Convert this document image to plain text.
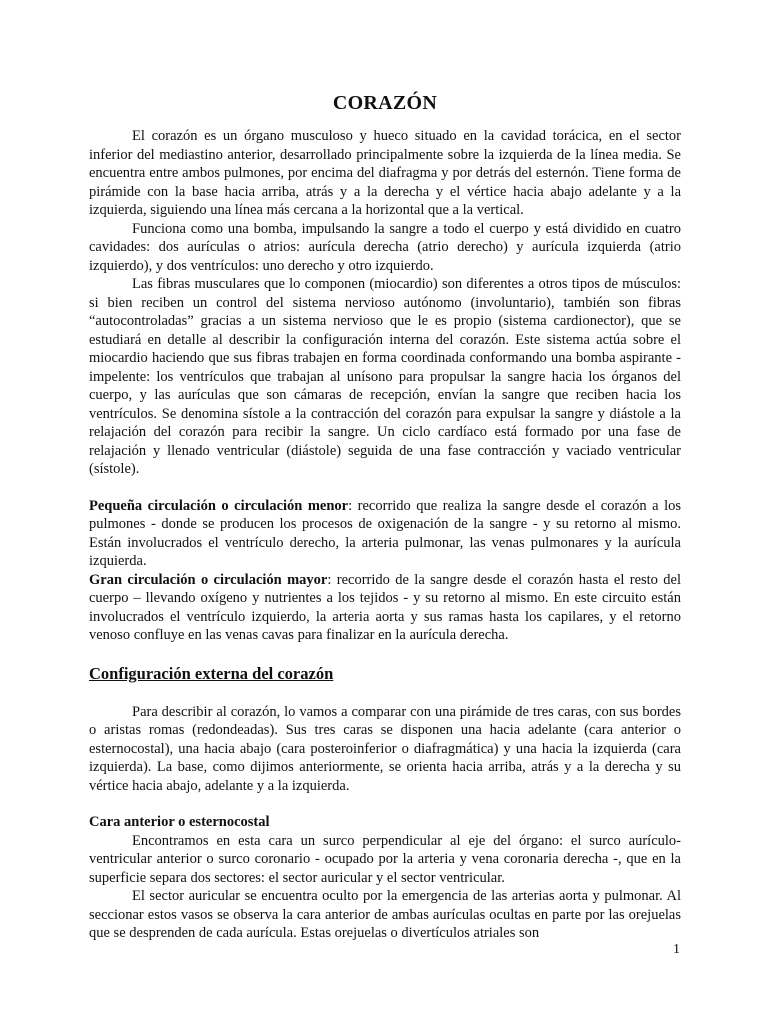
CORAZÓN

El corazón es un órgano musculoso y hueco situado en la cavidad torácica, en el sector inferior del mediastino anterior, desarrollado principalmente sobre la izquierda de la línea media. Se encuentra entre ambos pulmones, por encima del diafragma y por detrás del esternón. Tiene forma de pirámide con la base hacia arriba, atrás y a la derecha y el vértice hacia abajo adelante y a la izquierda, siguiendo una línea más cercana a la horizontal que a la vertical.

Funciona como una bomba, impulsando la sangre a todo el cuerpo y está dividido en cuatro cavidades: dos aurículas o atrios: aurícula derecha (atrio derecho) y aurícula izquierda (atrio izquierdo), y dos ventrículos: uno derecho y otro izquierdo.

Las fibras musculares que lo componen (miocardio) son diferentes a otros tipos de músculos: si bien reciben un control del sistema nervioso autónomo (involuntario), también son fibras “autocontroladas” gracias a un sistema nervioso que le es propio (sistema cardionector), que se estudiará en detalle al describir la configuración interna del corazón. Este sistema actúa sobre el miocardio haciendo que sus fibras trabajen en forma coordinada conformando una bomba aspirante - impelente: los ventrículos que trabajan al unísono para propulsar la sangre hacia los órganos del cuerpo, y las aurículas que son cámaras de recepción, envían la sangre que reciben hacia los ventrículos. Se denomina sístole a la contracción del corazón para expulsar la sangre y diástole a la relajación del corazón para recibir la sangre. Un ciclo cardíaco está formado por una fase de relajación y llenado ventricular (diástole) seguida de una fase contracción y vaciado ventricular (sístole).

Pequeña circulación o circulación menor: recorrido que realiza la sangre desde el corazón a los pulmones - donde se producen los procesos de oxigenación de la sangre - y su retorno al mismo. Están involucrados el ventrículo derecho, la arteria pulmonar, las venas pulmonares y la aurícula izquierda.

Gran circulación o circulación mayor: recorrido de la sangre desde el corazón hasta el resto del cuerpo – llevando oxígeno y nutrientes a los tejidos - y su retorno al mismo. En este circuito están involucrados el ventrículo izquierdo, la arteria aorta y sus ramas hasta los capilares, y el retorno venoso confluye en las venas cavas para finalizar en la aurícula derecha.

Configuración externa del corazón

Para describir al corazón, lo vamos a comparar con una pirámide de tres caras, con sus bordes o aristas romas (redondeadas). Sus tres caras se disponen una hacia adelante (cara anterior o esternocostal), una hacia abajo (cara posteroinferior o diafragmática) y una hacia la izquierda (cara izquierda). La base, como dijimos anteriormente, se orienta hacia arriba, atrás y a la derecha y su vértice hacia abajo, adelante y a la izquierda.

Cara anterior o esternocostal

Encontramos en esta cara un surco perpendicular al eje del órgano: el surco aurículo-ventricular anterior o surco coronario - ocupado por la arteria y vena coronaria derecha -, que en la superficie separa dos sectores: el sector auricular y el sector ventricular.

El sector auricular se encuentra oculto por la emergencia de las arterias aorta y pulmonar. Al seccionar estos vasos se observa la cara anterior de ambas aurículas ocultas en parte por las orejuelas que se desprenden de cada aurícula. Estas orejuelas o divertículos atriales son

1
